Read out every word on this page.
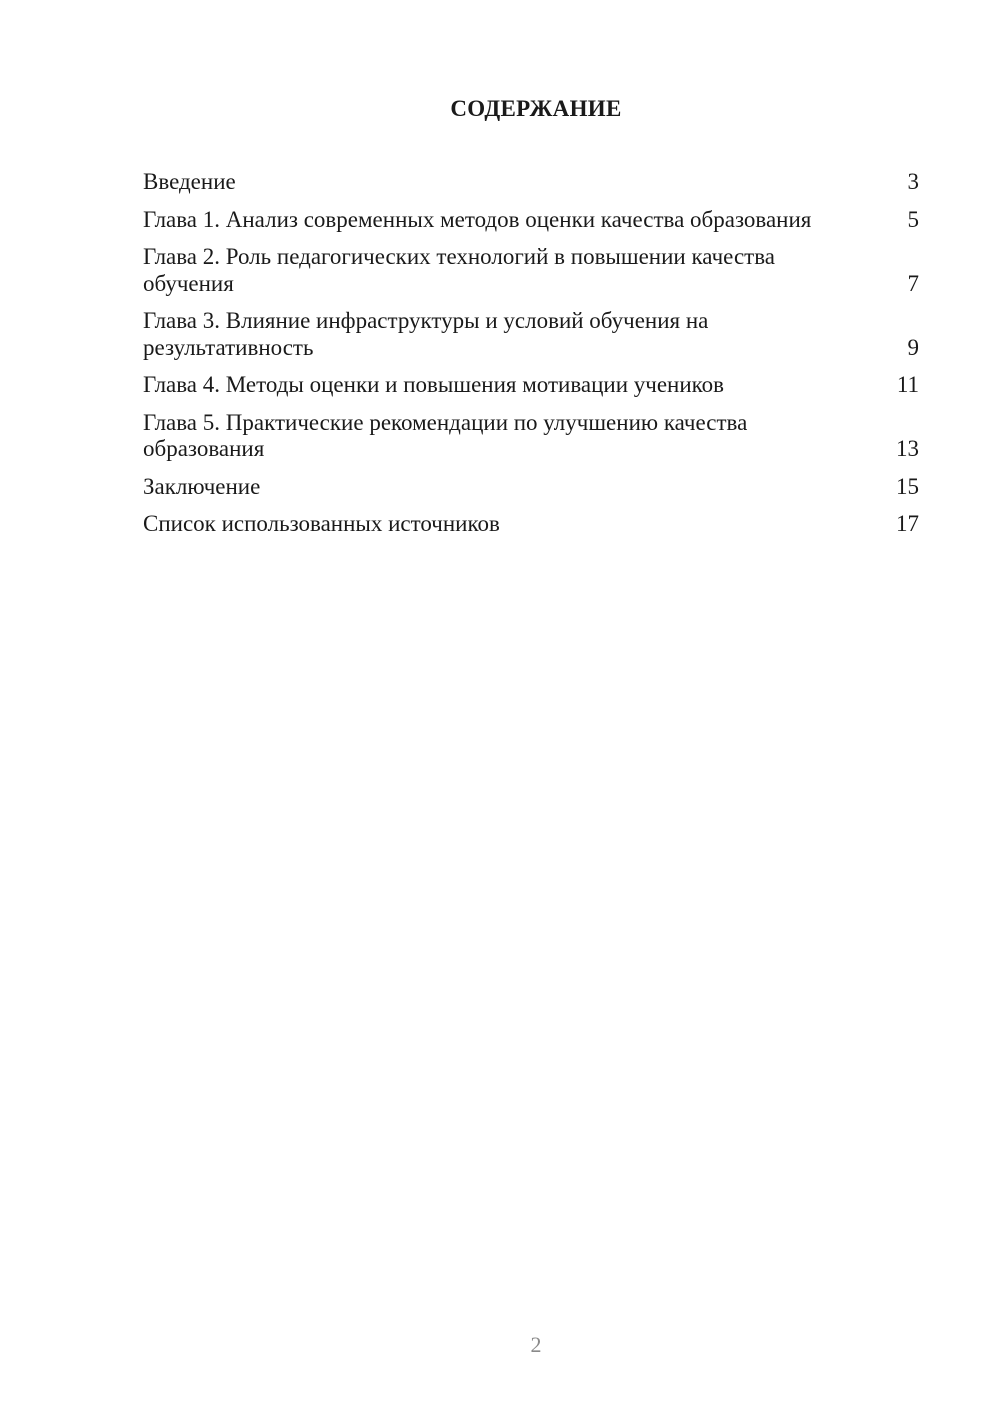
СОДЕРЖАНИЕ
Введение	3
Глава 1. Анализ современных методов оценки качества образования	5
Глава 2. Роль педагогических технологий в повышении качества обучения	7
Глава 3. Влияние инфраструктуры и условий обучения на результативность	9
Глава 4. Методы оценки и повышения мотивации учеников	11
Глава 5. Практические рекомендации по улучшению качества образования	13
Заключение	15
Список использованных источников	17
2
